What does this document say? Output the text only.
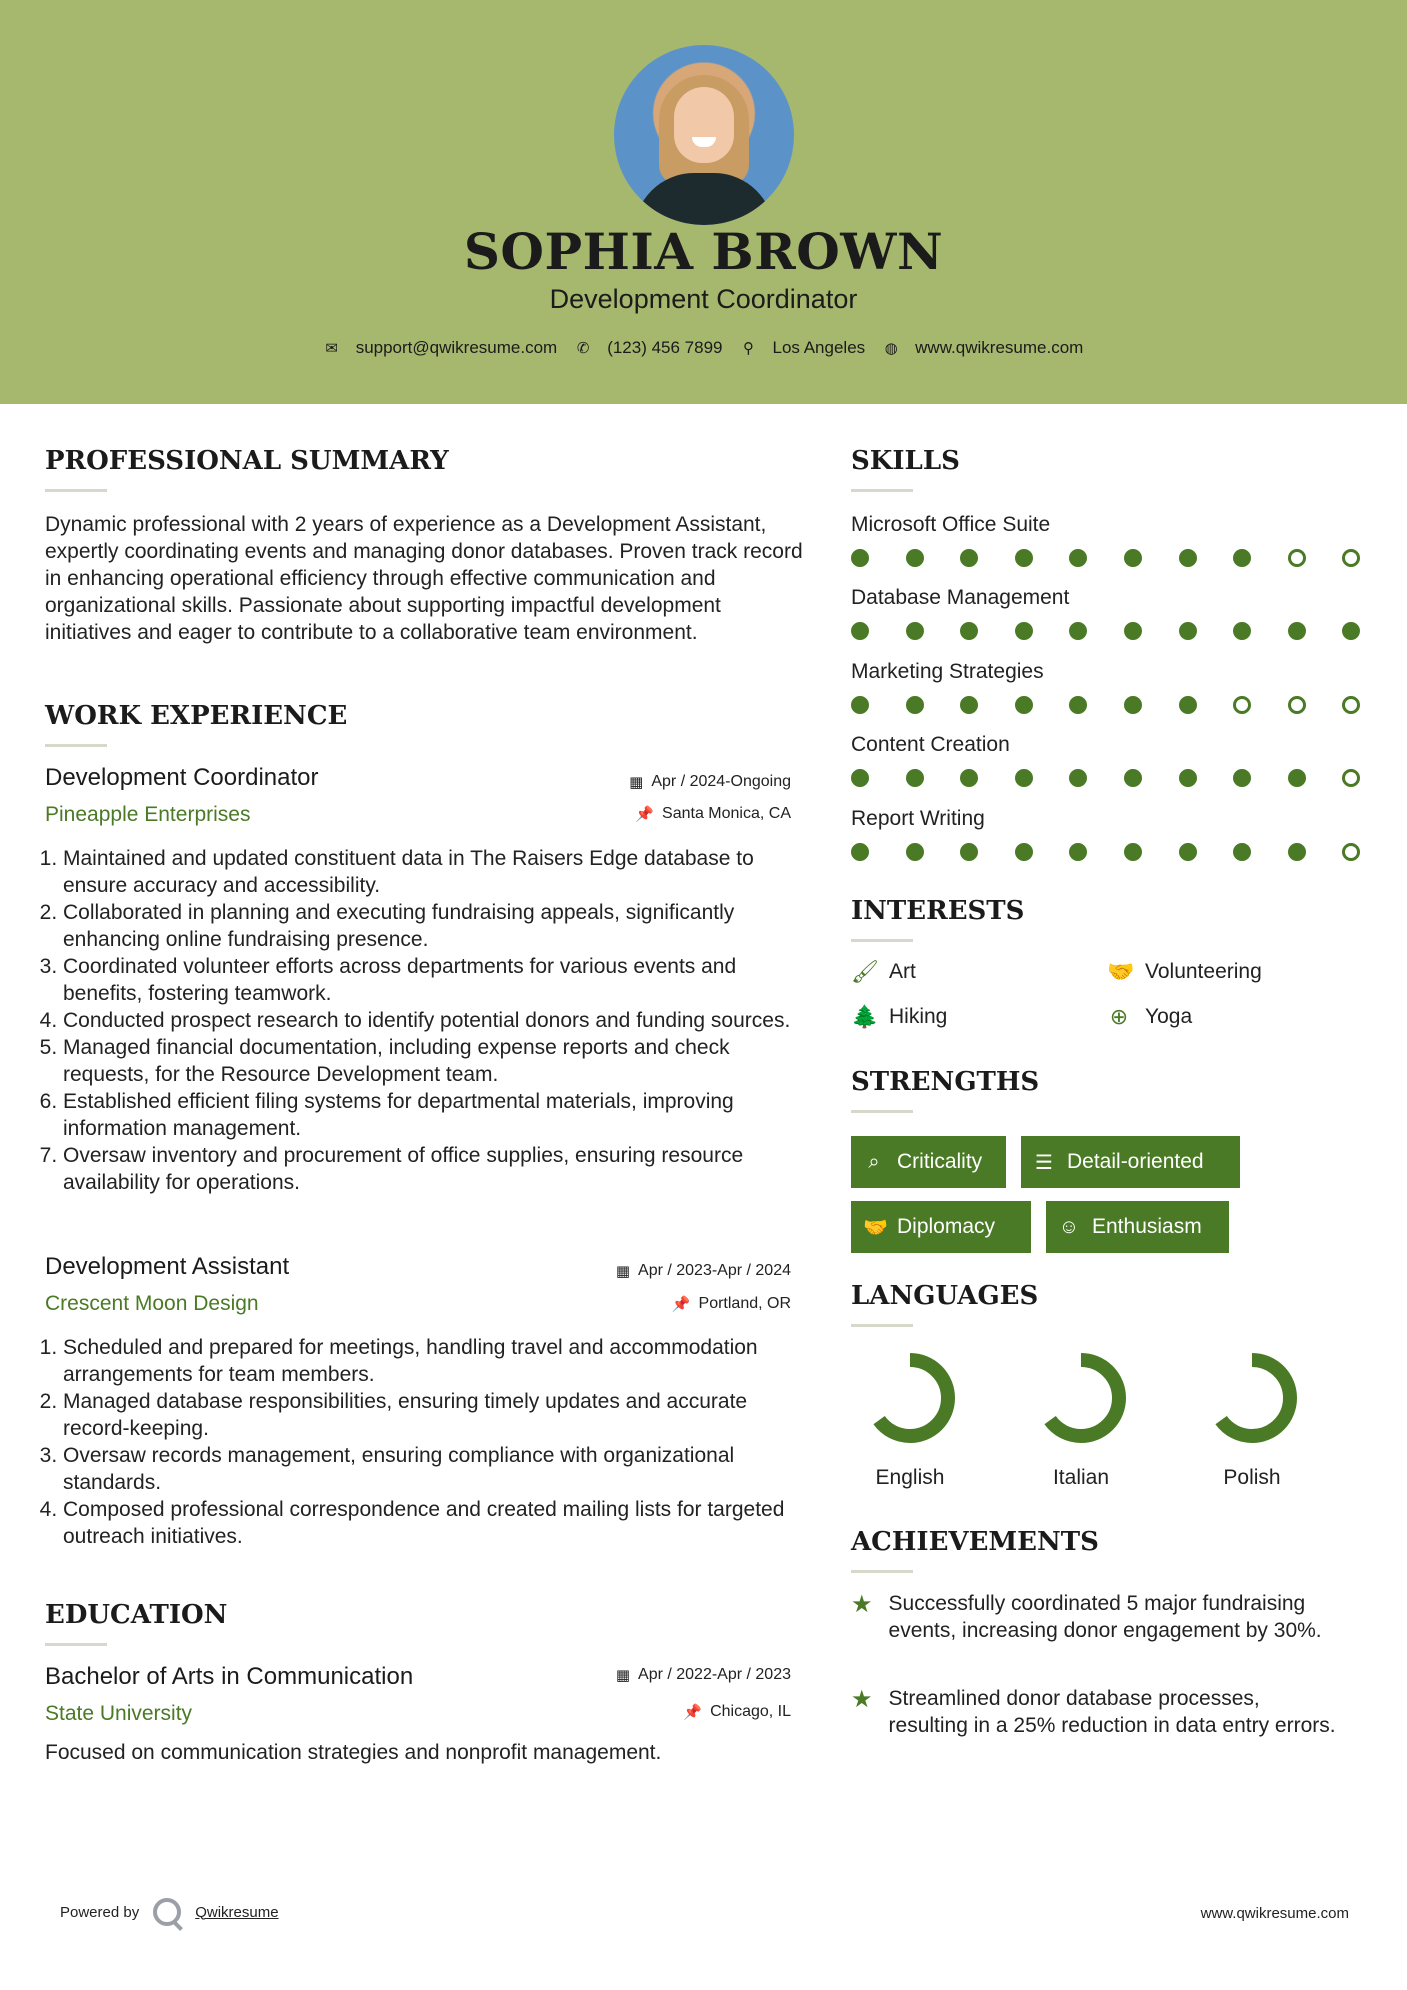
SOPHIA BROWN
Development Coordinator
✉ support@qwikresume.com ✆ (123) 456 7899 ⚲ Los Angeles ◍ www.qwikresume.com
PROFESSIONAL SUMMARY
Dynamic professional with 2 years of experience as a Development Assistant, expertly coordinating events and managing donor databases. Proven track record in enhancing operational efficiency through effective communication and organizational skills. Passionate about supporting impactful development initiatives and eager to contribute to a collaborative team environment.
WORK EXPERIENCE
Development Coordinator
Pineapple Enterprises
▦ Apr / 2024-Ongoing
📌 Santa Monica, CA
1. Maintained and updated constituent data in The Raisers Edge database to ensure accuracy and accessibility.
2. Collaborated in planning and executing fundraising appeals, significantly enhancing online fundraising presence.
3. Coordinated volunteer efforts across departments for various events and benefits, fostering teamwork.
4. Conducted prospect research to identify potential donors and funding sources.
5. Managed financial documentation, including expense reports and check requests, for the Resource Development team.
6. Established efficient filing systems for departmental materials, improving information management.
7. Oversaw inventory and procurement of office supplies, ensuring resource availability for operations.
Development Assistant
Crescent Moon Design
▦ Apr / 2023-Apr / 2024
📌 Portland, OR
1. Scheduled and prepared for meetings, handling travel and accommodation arrangements for team members.
2. Managed database responsibilities, ensuring timely updates and accurate record-keeping.
3. Oversaw records management, ensuring compliance with organizational standards.
4. Composed professional correspondence and created mailing lists for targeted outreach initiatives.
EDUCATION
Bachelor of Arts in Communication
State University
▦ Apr / 2022-Apr / 2023
📌 Chicago, IL
Focused on communication strategies and nonprofit management.
SKILLS
Microsoft Office Suite
Database Management
Marketing Strategies
Content Creation
Report Writing
INTERESTS
🖌 Art	🤝 Volunteering
🌲 Hiking	⊕ Yoga
STRENGTHS
⌕ Criticality	☰ Detail-oriented
🤝 Diplomacy	☺ Enthusiasm
LANGUAGES
English	Italian	Polish
ACHIEVEMENTS
★ Successfully coordinated 5 major fundraising events, increasing donor engagement by 30%.
★ Streamlined donor database processes, resulting in a 25% reduction in data entry errors.
Powered by	Qwikresume	www.qwikresume.com
